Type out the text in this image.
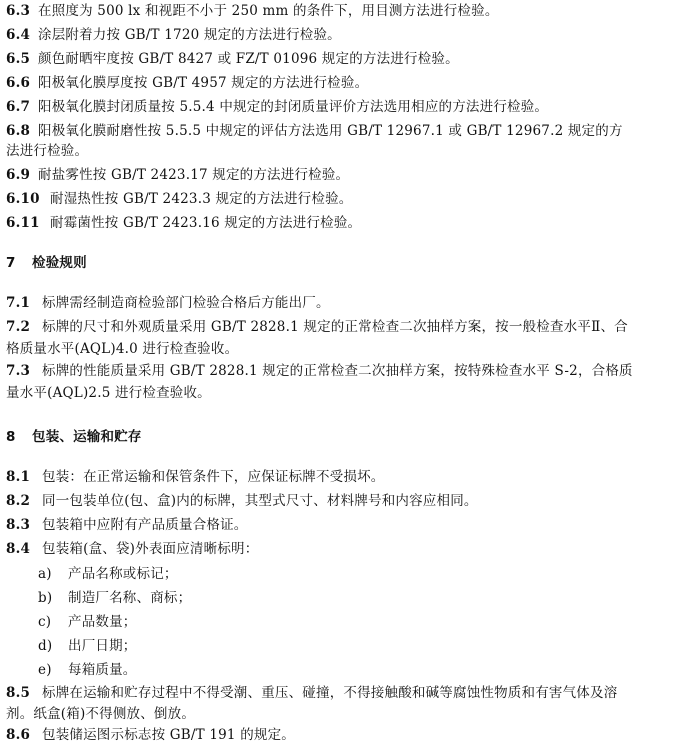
6.3 在照度为 500 lx 和视距不小于 250 mm 的条件下，用目测方法进行检验。
6.4 涂层附着力按 GB/T 1720 规定的方法进行检验。
6.5 颜色耐晒牢度按 GB/T 8427 或 FZ/T 01096 规定的方法进行检验。
6.6 阳极氧化膜厚度按 GB/T 4957 规定的方法进行检验。
6.7 阳极氧化膜封闭质量按 5.5.4 中规定的封闭质量评价方法选用相应的方法进行检验。
6.8 阳极氧化膜耐磨性按 5.5.5 中规定的评估方法选用 GB/T 12967.1 或 GB/T 12967.2 规定的方
法进行检验。
6.9 耐盐雾性按 GB/T 2423.17 规定的方法进行检验。
6.10 耐湿热性按 GB/T 2423.3 规定的方法进行检验。
6.11 耐霉菌性按 GB/T 2423.16 规定的方法进行检验。
7 检验规则
7.1 标牌需经制造商检验部门检验合格后方能出厂。
7.2 标牌的尺寸和外观质量采用 GB/T 2828.1 规定的正常检查二次抽样方案，按一般检查水平Ⅱ、合
格质量水平(AQL)4.0 进行检查验收。
7.3 标牌的性能质量采用 GB/T 2828.1 规定的正常检查二次抽样方案，按特殊检查水平 S-2，合格质
量水平(AQL)2.5 进行检查验收。
8 包装、运输和贮存
8.1 包装：在正常运输和保管条件下，应保证标牌不受损坏。
8.2 同一包装单位(包、盒)内的标牌，其型式尺寸、材料牌号和内容应相同。
8.3 包装箱中应附有产品质量合格证。
8.4 包装箱(盒、袋)外表面应清晰标明：
a) 产品名称或标记；
b) 制造厂名称、商标；
c) 产品数量；
d) 出厂日期；
e) 每箱质量。
8.5 标牌在运输和贮存过程中不得受潮、重压、碰撞，不得接触酸和碱等腐蚀性物质和有害气体及溶
剂。纸盒(箱)不得侧放、倒放。
8.6 包装储运图示标志按 GB/T 191 的规定。
